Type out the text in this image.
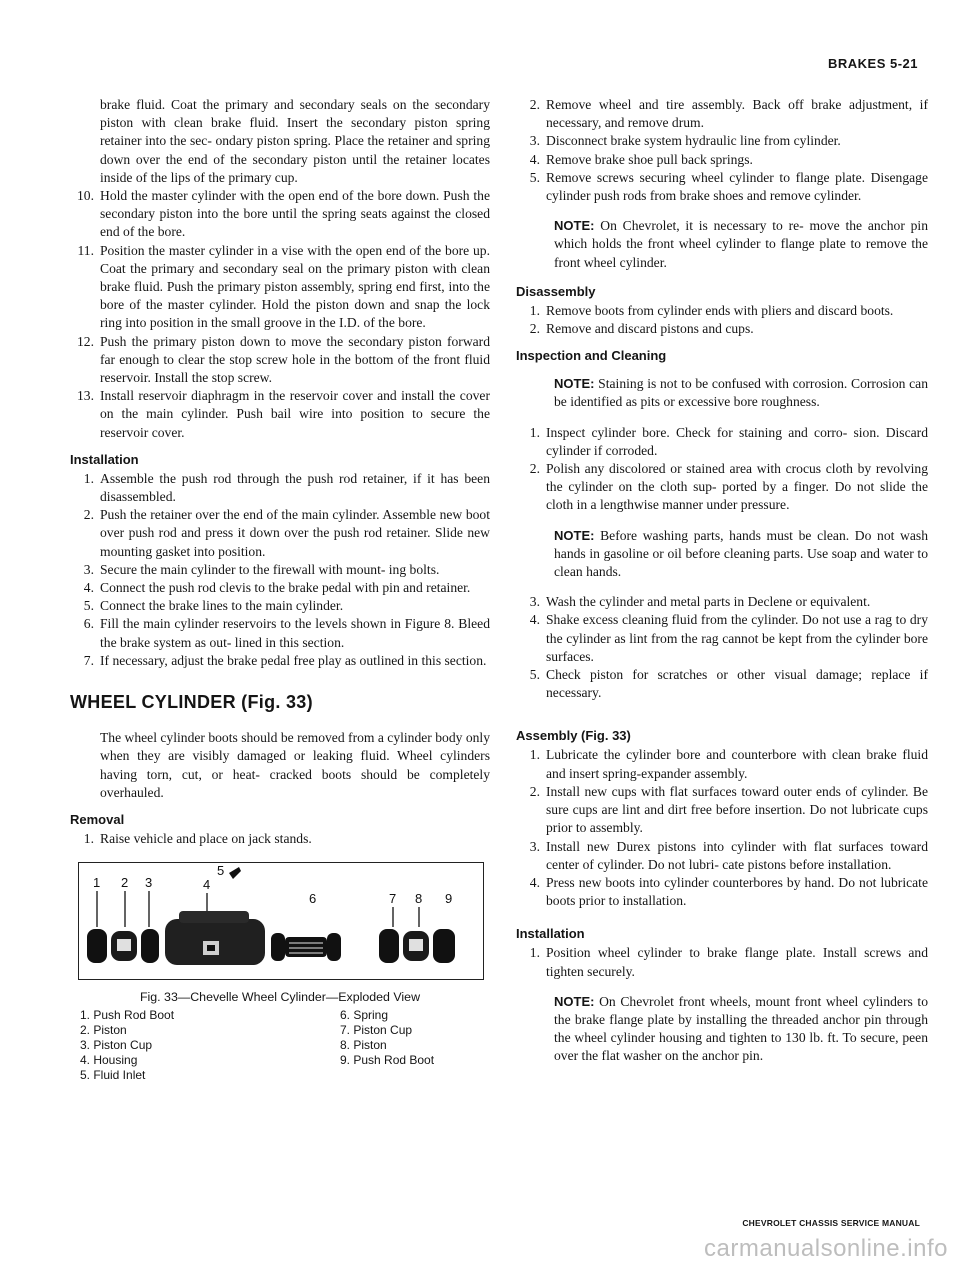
BRAKES 5-21

brake fluid. Coat the primary and secondary seals on the secondary piston with clean brake fluid. Insert the secondary piston spring retainer into the sec- ondary piston spring. Place the retainer and spring down over the end of the secondary piston until the retainer locates inside of the lips of the primary cup.

10. Hold the master cylinder with the open end of the bore down. Push the secondary piston into the bore until the spring seats against the closed end of the bore.
11. Position the master cylinder in a vise with the open end of the bore up. Coat the primary and secondary seal on the primary piston with clean brake fluid. Push the primary piston assembly, spring end first, into the bore of the master cylinder. Hold the piston down and snap the lock ring into position in the small groove in the I.D. of the bore.
12. Push the primary piston down to move the secondary piston forward far enough to clear the stop screw hole in the bottom of the front fluid reservoir. Install the stop screw.
13. Install reservoir diaphragm in the reservoir cover and install the cover on the main cylinder. Push bail wire into position to secure the reservoir cover.
Installation
1. Assemble the push rod through the push rod retainer, if it has been disassembled.
2. Push the retainer over the end of the main cylinder. Assemble new boot over push rod and press it down over the push rod retainer. Slide new mounting gasket into position.
3. Secure the main cylinder to the firewall with mount- ing bolts.
4. Connect the push rod clevis to the brake pedal with pin and retainer.
5. Connect the brake lines to the main cylinder.
6. Fill the main cylinder reservoirs to the levels shown in Figure 8. Bleed the brake system as out- lined in this section.
7. If necessary, adjust the brake pedal free play as outlined in this section.
WHEEL CYLINDER (Fig. 33)

The wheel cylinder boots should be removed from a cylinder body only when they are visibly damaged or leaking fluid. Wheel cylinders having torn, cut, or heat- cracked boots should be completely overhauled.

Removal
1. Raise vehicle and place on jack stands.
1 2 3	4
5
6	7 8 9
Fig. 33—Chevelle Wheel Cylinder—Exploded View
1. Push Rod Boot
2. Piston
3. Piston Cup
4. Housing
5. Fluid Inlet
6. Spring
7. Piston Cup
8. Piston
9. Push Rod Boot
2. Remove wheel and tire assembly. Back off brake adjustment, if necessary, and remove drum.
3. Disconnect brake system hydraulic line from cylinder.
4. Remove brake shoe pull back springs.
5. Remove screws securing wheel cylinder to flange plate. Disengage cylinder push rods from brake shoes and remove cylinder.
NOTE: On Chevrolet, it is necessary to re- move the anchor pin which holds the front wheel cylinder to flange plate to remove the front wheel cylinder.
Disassembly
1. Remove boots from cylinder ends with pliers and discard boots.
2. Remove and discard pistons and cups.
Inspection and Cleaning
NOTE: Staining is not to be confused with corrosion. Corrosion can be identified as pits or excessive bore roughness.
1. Inspect cylinder bore. Check for staining and corro- sion. Discard cylinder if corroded.
2. Polish any discolored or stained area with crocus cloth by revolving the cylinder on the cloth sup- ported by a finger. Do not slide the cloth in a lengthwise manner under pressure.
NOTE: Before washing parts, hands must be clean. Do not wash hands in gasoline or oil before cleaning parts. Use soap and water to clean hands.
3. Wash the cylinder and metal parts in Declene or equivalent.
4. Shake excess cleaning fluid from the cylinder. Do not use a rag to dry the cylinder as lint from the rag cannot be kept from the cylinder bore surfaces.
5. Check piston for scratches or other visual damage; replace if necessary.
Assembly (Fig. 33)
1. Lubricate the cylinder bore and counterbore with clean brake fluid and insert spring-expander assembly.
2. Install new cups with flat surfaces toward outer ends of cylinder. Be sure cups are lint and dirt free before insertion. Do not lubricate cups prior to assembly.
3. Install new Durex pistons into cylinder with flat surfaces toward center of cylinder. Do not lubri- cate pistons before installation.
4. Press new boots into cylinder counterbores by hand. Do not lubricate boots prior to installation.
Installation
1. Position wheel cylinder to brake flange plate. Install screws and tighten securely.
NOTE: On Chevrolet front wheels, mount front wheel cylinders to the brake flange plate by installing the threaded anchor pin through the wheel cylinder housing and tighten to 130 lb. ft. To secure, peen over the flat washer on the anchor pin.
CHEVROLET CHASSIS SERVICE MANUAL
carmanualsonline.info
